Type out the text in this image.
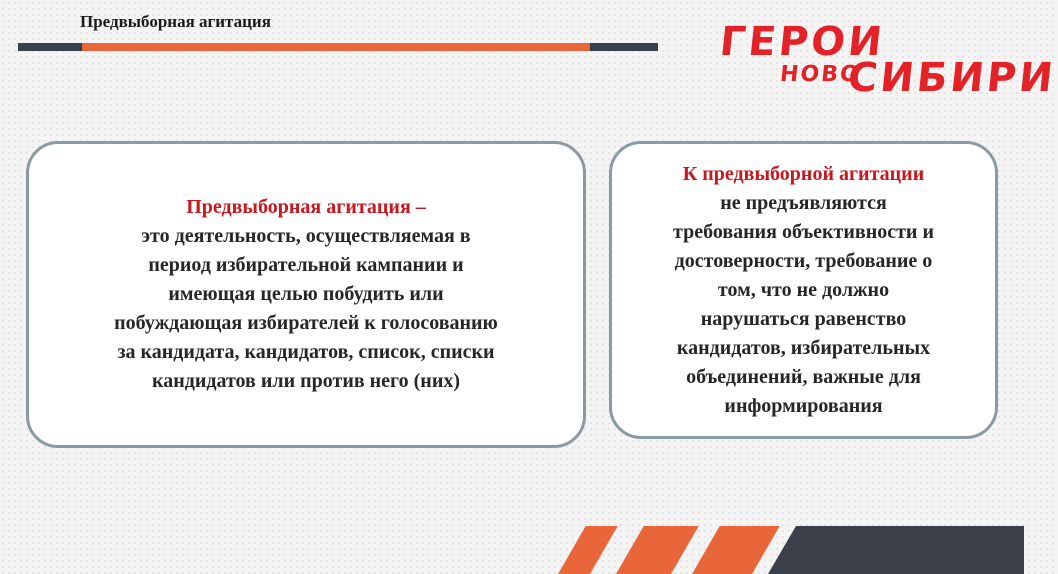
Предвыборная агитация	ГЕРОИ
НОВО
СИБИРИ

Предвыборная агитация –

это деятельность, осуществляемая в

период избирательной кампании и

имеющая целью побудить или

побуждающая избирателей к голосованию

за кандидата, кандидатов, список, списки

кандидатов или против него (них)

К предвыборной агитации

не предъявляются

требования объективности и

достоверности, требование о

том, что не должно

нарушаться равенство

кандидатов, избирательных

объединений, важные для

информирования
